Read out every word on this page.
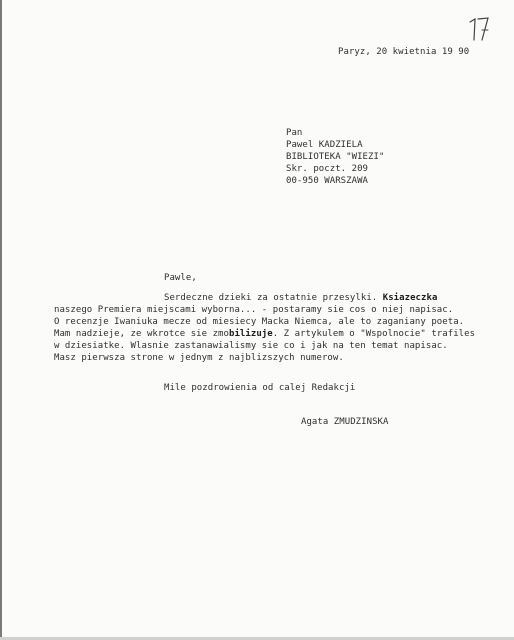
Paryz, 20 kwietnia 19 90
Pan
Pawel KADZIELA
BIBLIOTEKA "WIEZI"
Skr. poczt. 209
00-950 WARSZAWA
Pawle,
Serdeczne dzieki za ostatnie przesylki. Ksiazeczka
naszego Premiera miejscami wyborna... - postaramy sie cos o niej napisac.
O recenzje Iwaniuka mecze od miesiecy Macka Niemca, ale to zaganiany poeta.
Mam nadzieje, ze wkrotce sie zmobilizuje. Z artykulem o "Wspolnocie" trafiles
w dziesiatke. Wlasnie zastanawialismy sie co i jak na ten temat napisac.
Masz pierwsza strone w jednym z najblizszych numerow.
Mile pozdrowienia od calej Redakcji
Agata ZMUDZINSKA
